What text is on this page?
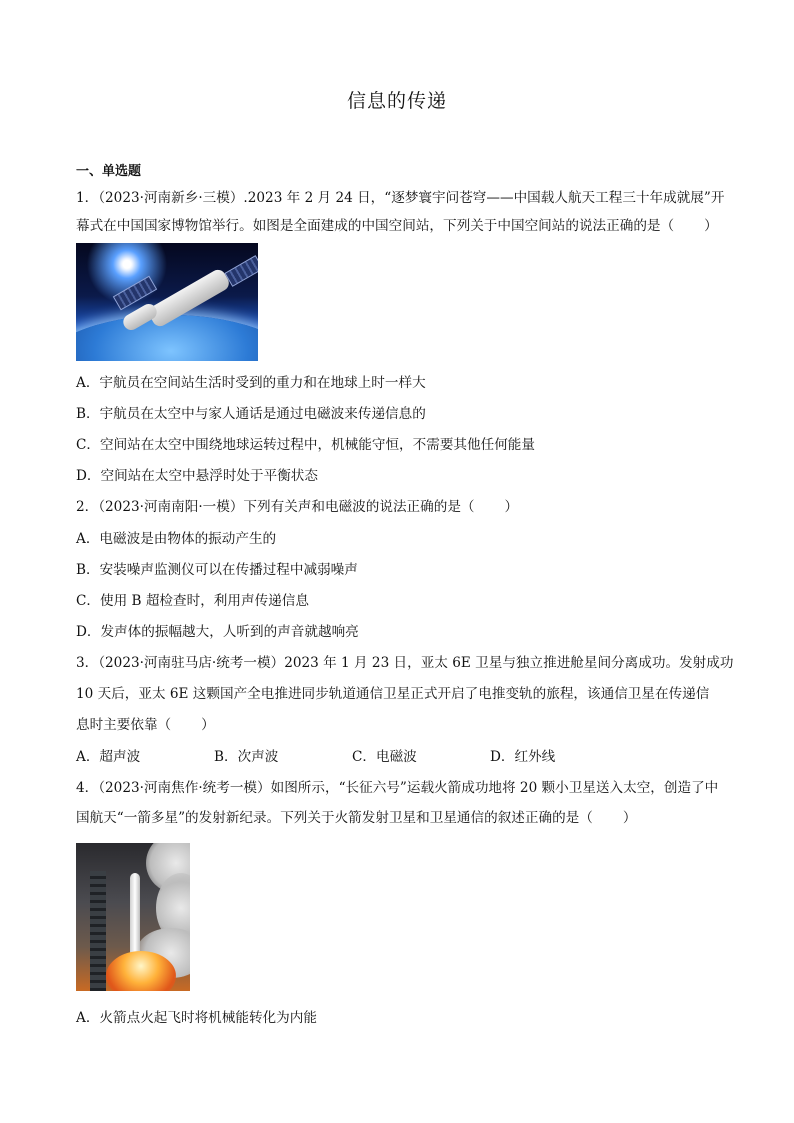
信息的传递
一、单选题
1．（2023·河南新乡·三模）.2023 年 2 月 24 日，“逐梦寰宇问苍穹——中国载人航天工程三十年成就展”开
幕式在中国国家博物馆举行。如图是全面建成的中国空间站，下列关于中国空间站的说法正确的是（ ）
A．宇航员在空间站生活时受到的重力和在地球上时一样大
B．宇航员在太空中与家人通话是通过电磁波来传递信息的
C．空间站在太空中围绕地球运转过程中，机械能守恒，不需要其他任何能量
D．空间站在太空中悬浮时处于平衡状态
2．（2023·河南南阳·一模）下列有关声和电磁波的说法正确的是（ ）
A．电磁波是由物体的振动产生的
B．安装噪声监测仪可以在传播过程中减弱噪声
C．使用 B 超检查时，利用声传递信息
D．发声体的振幅越大，人听到的声音就越响亮
3．（2023·河南驻马店·统考一模）2023 年 1 月 23 日，亚太 6E 卫星与独立推进舱星间分离成功。发射成功
10 天后，亚太 6E 这颗国产全电推进同步轨道通信卫星正式开启了电推变轨的旅程，该通信卫星在传递信
息时主要依靠（ ）
A．超声波	B．次声波	C．电磁波	D．红外线
4．（2023·河南焦作·统考一模）如图所示，“长征六号”运载火箭成功地将 20 颗小卫星送入太空，创造了中
国航天“一箭多星”的发射新纪录。下列关于火箭发射卫星和卫星通信的叙述正确的是（ ）
A．火箭点火起飞时将机械能转化为内能
